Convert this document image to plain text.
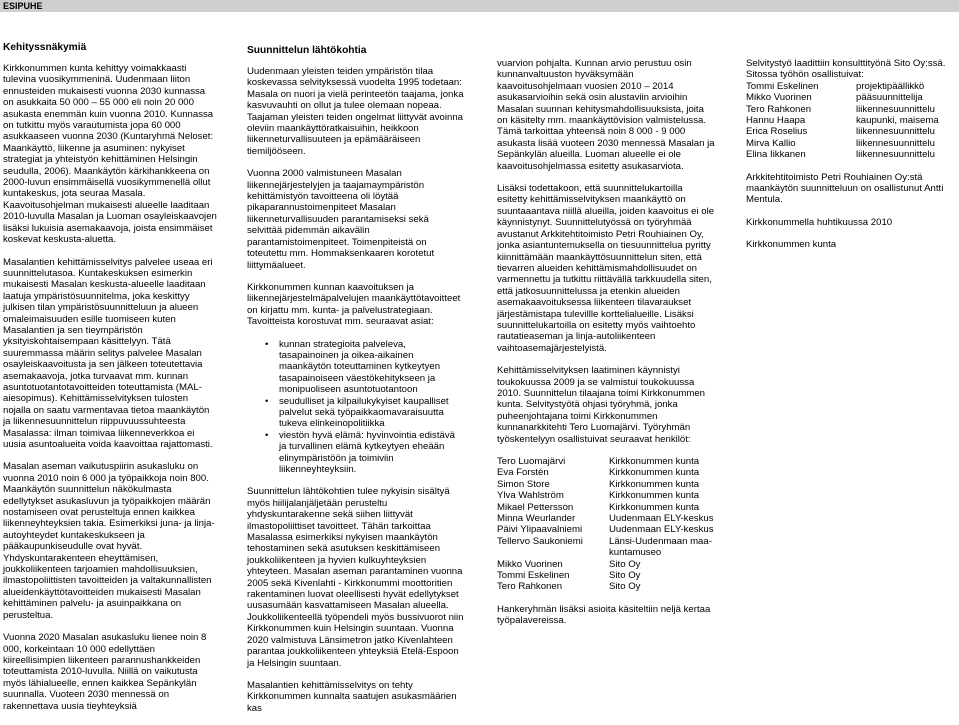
ESIPUHE
Kehityssnäkymiä

Kirkkonummen kunta kehittyy voimakkaasti tulevina vuosikymmeninä. Uudenmaan liiton ennusteiden mukaisesti vuonna 2030 kunnassa on asukkaita 50 000 – 55 000 eli noin 20 000 asukasta enemmän kuin vuonna 2010. Kunnassa on tutkittu myös varautumista jopa 60 000 asukkaaseen vuonna 2030 (Kuntaryhmä Neloset: Maankäyttö, liikenne ja asuminen: nykyiset strategiat ja yhteistyön kehittäminen Helsingin seudulla, 2006). Maankäytön kärkihankkeena on 2000-luvun ensimmäisellä vuosikymmenellä ollut kuntakeskus, jota seuraa Masala. Kaavoitusohjelman mukaisesti alueelle laaditaan 2010-luvulla Masalan ja Luoman osayleiskaavojen lisäksi lukuisia asemakaavoja, joista ensimmäiset koskevat keskusta-aluetta.

Masalantien kehittämisselvitys palvelee useaa eri suunnittelutasoa. Kuntakeskuksen esimerkin mukaisesti Masalan keskusta-alueelle laaditaan laatuja ympäristösuunnitelma, joka keskittyy julkisen tilan ympäristösuunnitteluun ja alueen omaleimaisuuden esille tuomiseen kuten Masalantien ja sen tieympäristön yksityiskohtaisempaan käsittelyyn. Tätä suuremmassa määrin selitys palvelee Masalan osayleiskaavoitusta ja sen jälkeen toteutettavia asemakaavoja, jotka turvaavat mm. kunnan asuntotuotantotavoitteiden toteuttamista (MAL-aiesopimus). Kehittämisselvityksen tulosten nojalla on saatu varmentavaa tietoa maankäytön ja liikennesuunnittelun riippuvuussuhteesta Masalassa: ilman toimivaa liikenneverkkoa ei uusia asuntoalueita voida kaavoittaa rajattomasti.

Masalan aseman vaikutuspiirin asukasluku on vuonna 2010 noin 6 000 ja työpaikkoja noin 800. Maankäytön suunnittelun näkökulmasta edellytykset asukasluvun ja työpaikkojen määrän nostamiseen ovat perusteltuja ennen kaikkea liikenneyhteyksien takia. Esimerkiksi juna- ja linja-autoyhteydet kuntakeskukseen ja pääkaupunkiseudulle ovat hyvät. Yhdyskuntarakenteen eheyttämisen, joukkoliikenteen tarjoamien mahdollisuuksien, ilmastopoliittisten tavoitteiden ja valtakunnallisten alueidenkäyttötavoitteiden mukaisesti Masalan kehittäminen palvelu- ja asuinpaikkana on perusteltua.

Vuonna 2020 Masalan asukasluku lienee noin 8 000, korkeintaan 10 000 edellyttäen kiireellisimpien liikenteen parannushankkeiden toteuttamista 2010-luvulla. Niillä on vaikutusta myös lähialueelle, ennen kaikkea Sepänkylän suunnalla. Vuoteen 2030 mennessä on rakennettava uusia tieyhteyksiä

Suunnittelun lähtökohtia

Uudenmaan yleisten teiden ympäristön tilaa koskevassa selvityksessä vuodelta 1995 todetaan: Masala on nuori ja vielä perinteetön taajama, jonka kasvuvauhti on ollut ja tulee olemaan nopeaa. Taajaman yleisten teiden ongelmat liittyvät avoinna oleviin maankäyttöratkaisuihin, heikkoon liikenneturvallisuuteen ja epämääräiseen tiemiljööseen.

Vuonna 2000 valmistuneen Masalan liikennejärjestelyjen ja taajamaympäristön kehittämistyön tavoitteena oli löytää pikaparannustoimenpiteet Masalan liikenneturvallisuuden parantamiseksi sekä selvittää pidemmän aikavälin parantamistoimenpiteet. Toimenpiteistä on toteutettu mm. Hommaksenkaaren korotetut liittymäalueet.

Kirkkonummen kunnan kaavoituksen ja liikennejärjestelmäpalvelujen maankäyttötavoitteet on kirjattu mm. kunta- ja palvelustrategiaan. Tavoitteista korostuvat mm. seuraavat asiat:

• kunnan strategioita palveleva, tasapainoinen ja oikea-aikainen maankäytön toteuttaminen kytkeytyen tasapainoiseen väestökehitykseen ja monipuoliseen asuntotuotantoon
• seudulliset ja kilpailukykyiset kaupalliset palvelut sekä työpaikkaomavaraisuutta tukeva elinkeinopolitiikka
• viestön hyvä elämä: hyvinvointia edistävä ja turvallinen elämä kytkeytyen eheään elinympäristöön ja toimiviin liikenneyhteyksiin.

Suunnittelun lähtökohtien tulee nykyisin sisältyä myös hiilijalanjäljetään perusteltu yhdyskuntarakenne sekä siihen liittyvät ilmastopoliittiset tavoitteet. Tähän tarkoittaa Masalassa esimerkiksi nykyisen maankäytön tehostaminen sekä asutuksen keskittämiseen joukkoliikenteen ja hyvien kulkuyhteyksien yhteyteen. Masalan aseman parantaminen vuonna 2005 sekä Kivenlahti - Kirkkonummi moottoritien rakentaminen luovat oleellisesti hyvät edellytykset uusasumään kasvattamiseen Masalan alueella. Joukkoliikenteellä työpendeli myös bussivuorot niin Kirkkonummen kuin Helsingin suuntaan. Vuonna 2020 valmistuva Länsimetron jatko Kivenlahteen parantaa joukkoliikenteen yhteyksiä Etelä-Espoon ja Helsingin suuntaan.

Masalantien kehittämisselvitys on tehty Kirkkonummen kunnalta saatujen asukasmäärien kas

vuarvion pohjalta. Kunnan arvio perustuu osin kunnanvaltuuston hyväksymään kaavoitusohjelmaan vuosien 2010 – 2014 asukasarvioihin sekä osin alustaviin arvioihin Masalan suunnan kehitysmahdollisuuksista, joita on käsitelty mm. maankäyttövision valmistelussa. Tämä tarkoittaa yhteensä noin 8 000 - 9 000 asukasta lisää vuoteen 2030 mennessä Masalan ja Sepänkylän alueilla. Luoman alueelle ei ole kaavoitusohjelmassa esitetty asukasarviota.

Lisäksi todettakoon, että suunnittelukartoilla esitetty kehittämisselvityksen maankäyttö on suuntaaantava niillä alueilla, joiden kaavoitus ei ole käynnistynyt. Suunnittelutyössä on työryhmää avustanut Arkkitehtitoimisto Petri Rouhiainen Oy, jonka asiantuntemuksella on tiesuunnittelua pyritty kiinnittämään maankäyttösuunnittelun siten, että tievarren alueiden kehittämismahdollisuudet on varmennettu ja tutkittu riittävällä tarkkuudella siten, että jatkosuunnittelussa ja etenkin alueiden asemakaavoituksessa liikenteen tilavaraukset järjestämistapa tulevillle korttelialueille. Lisäksi suunnittelukartoilla on esitetty myös vaihtoehto rautatieaseman ja linja-autoliikenteen vaihtoasemajärjestelyistä.

Kehittämisselvityksen laatiminen käynnistyi toukokuussa 2009 ja se valmistui toukokuussa 2010. Suunnittelun tilaajana toimi Kirkkonummen kunta. Selvitystyötä ohjasi työryhmä, jonka puheenjohtajana toimi Kirkkonummen kunnanarkkitehti Tero Luomajärvi. Työryhmän työskentelyyn osallistuivat seuraavat henkilöt:

Tero Luomajärvi	Kirkkonummen kunta
Eva Forstén	Kirkkonummen kunta
Simon Store	Kirkkonummen kunta
Ylva Wahlström	Kirkkonummen kunta
Mikael Pettersson	Kirkkonummen kunta
Minna Weurlander	Uudenmaan ELY-keskus
Päivi Ylipaavalniemi	Uudenmaan ELY-keskus
Tellervo Saukoniemi	Länsi-Uudenmaan maa-
	kuntamuseo
Mikko Vuorinen	Sito Oy
Tommi Eskelinen	Sito Oy
Tero Rahkonen	Sito Oy

Hankeryhmän lisäksi asioita käsiteltiin neljä kertaa työpalavereissa.

Selvitystyö laadittiin konsulttityönä Sito Oy:ssä. Sitossa työhön osallistuivat:

Tommi Eskelinen	projektipäällikkö
Mikko Vuorinen	pääsuunnittelija
Tero Rahkonen	liikennesuunnittelu
Hannu Haapa	kaupunki, maisema
Erica Roselius	liikennesuunnittelu
Mirva Kallio	liikennesuunnittelu
Elina Iikkanen	liikennesuunnittelu

Arkkitehtitoimisto Petri Rouhiainen Oy:stä maankäytön suunnitteluun on osallistunut Antti Mentula.

Kirkkonummella huhtikuussa 2010

Kirkkonummen kunta
